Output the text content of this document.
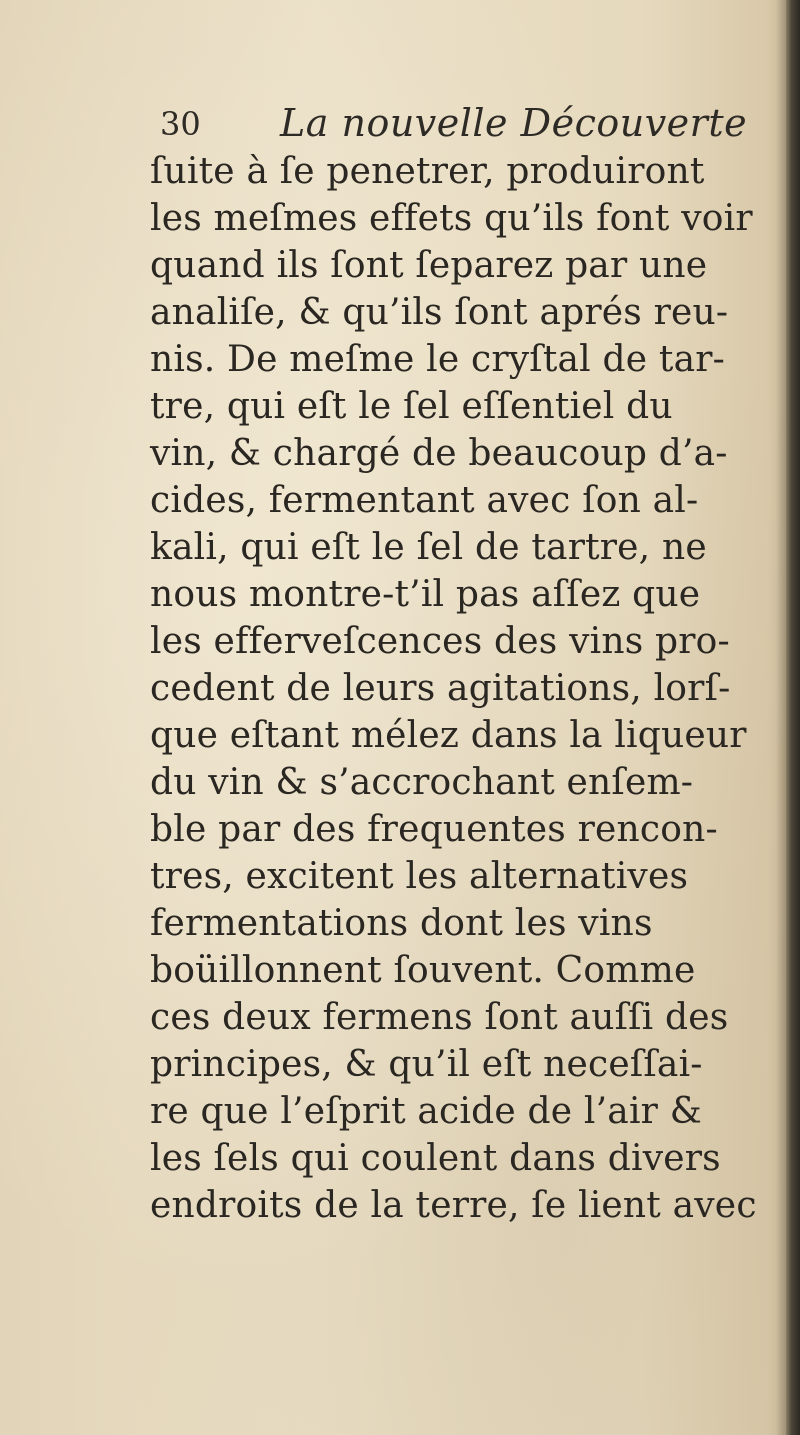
30 La nouvelle Découverte
ſuite à ſe penetrer, produiront
les meſmes effets qu’ils font voir
quand ils ſont ſeparez par une
analiſe, & qu’ils ſont aprés reu-
nis. De meſme le cryſtal de tar-
tre, qui eſt le ſel eſſentiel du
vin, & chargé de beaucoup d’a-
cides, fermentant avec ſon al-
kali, qui eſt le ſel de tartre, ne
nous montre-t’il pas aſſez que
les efferveſcences des vins pro-
cedent de leurs agitations, lorſ-
que eſtant mélez dans la liqueur
du vin & s’accrochant enſem-
ble par des frequentes rencon-
tres, excitent les alternatives
fermentations dont les vins
boüillonnent ſouvent. Comme
ces deux fermens ſont auſſi des
principes, & qu’il eſt neceſſai-
re que l’eſprit acide de l’air &
les ſels qui coulent dans divers
endroits de la terre, ſe lient avec
